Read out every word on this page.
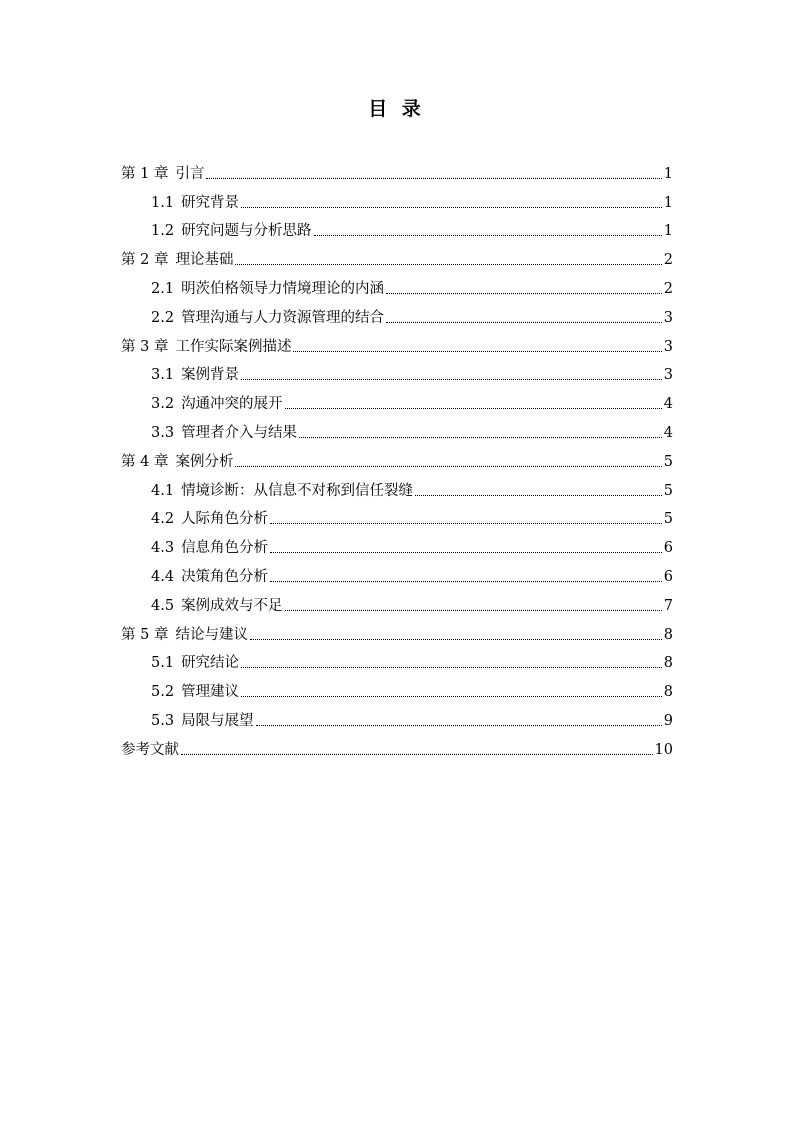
目 录
第 1 章 引言	1
1.1 研究背景	1
1.2 研究问题与分析思路	1
第 2 章 理论基础	2
2.1 明茨伯格领导力情境理论的内涵	2
2.2 管理沟通与人力资源管理的结合	3
第 3 章 工作实际案例描述	3
3.1 案例背景	3
3.2 沟通冲突的展开	4
3.3 管理者介入与结果	4
第 4 章 案例分析	5
4.1 情境诊断：从信息不对称到信任裂缝	5
4.2 人际角色分析	5
4.3 信息角色分析	6
4.4 决策角色分析	6
4.5 案例成效与不足	7
第 5 章 结论与建议	8
5.1 研究结论	8
5.2 管理建议	8
5.3 局限与展望	9
参考文献	10
